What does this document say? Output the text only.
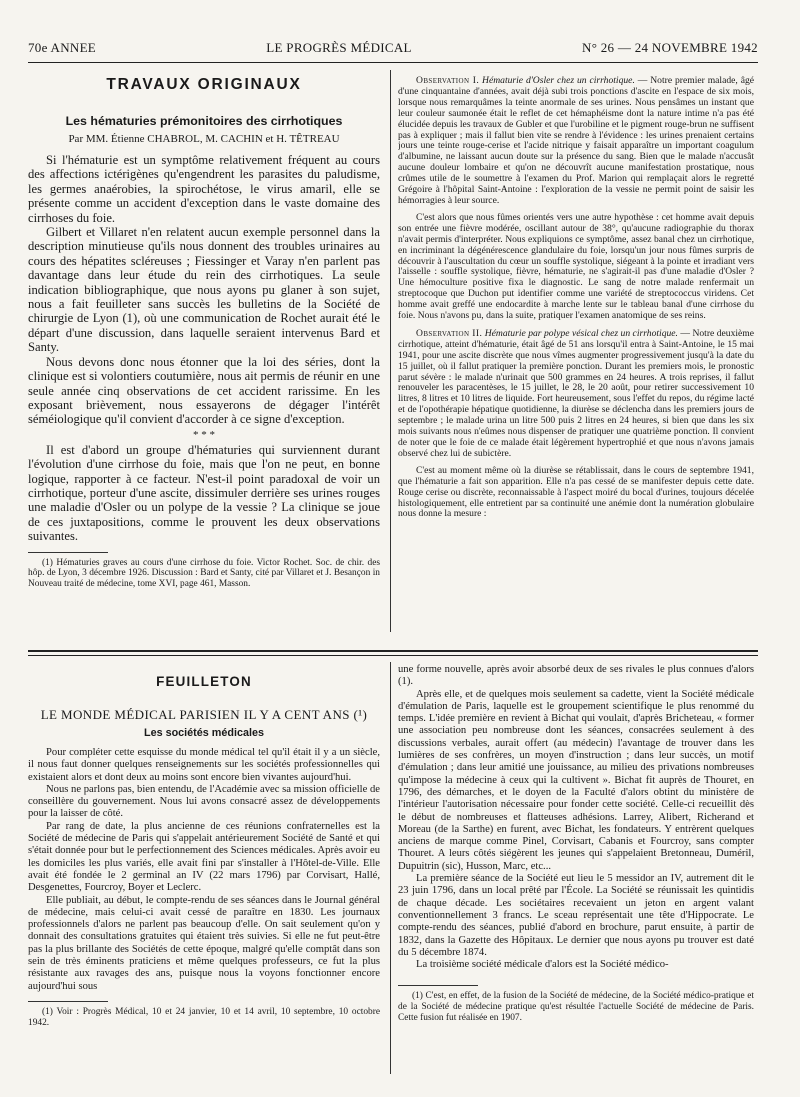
70e ANNEE	LE PROGRÈS MÉDICAL	N° 26 — 24 NOVEMBRE 1942
TRAVAUX ORIGINAUX
Les hématuries prémonitoires des cirrhotiques
Par MM. Étienne CHABROL, M. CACHIN et H. TÊTREAU

Si l'hématurie est un symptôme relativement fréquent au cours des affections ictérigènes qu'engendrent les parasites du paludisme, les germes anaérobies, la spirochétose, le virus amaril, elle se présente comme un accident d'exception dans le vaste domaine des cirrhoses du foie.

Gilbert et Villaret n'en relatent aucun exemple personnel dans la description minutieuse qu'ils nous donnent des troubles urinaires au cours des hépatites scléreuses ; Fiessinger et Varay n'en parlent pas davantage dans leur étude du rein des cirrhotiques. La seule indication bibliographique, que nous ayons pu glaner à son sujet, nous a fait feuilleter sans succès les bulletins de la Société de chirurgie de Lyon (1), où une communication de Rochet aurait été le départ d'une discussion, dans laquelle seraient intervenus Bard et Santy.

Nous devons donc nous étonner que la loi des séries, dont la clinique est si volontiers coutumière, nous ait permis de réunir en une seule année cinq observations de cet accident rarissime. En les exposant brièvement, nous essayerons de dégager l'intérêt séméiologique qu'il convient d'accorder à ce signe d'exception.

* * *

Il est d'abord un groupe d'hématuries qui surviennent durant l'évolution d'une cirrhose du foie, mais que l'on ne peut, en bonne logique, rapporter à ce facteur. N'est-il point paradoxal de voir un cirrhotique, porteur d'une ascite, dissimuler derrière ses urines rouges une maladie d'Osler ou un polype de la vessie ? La clinique se joue de ces juxtapositions, comme le prouvent les deux observations suivantes.

(1) Hématuries graves au cours d'une cirrhose du foie. Victor Rochet. Soc. de chir. des hôp. de Lyon, 3 décembre 1926. Discussion : Bard et Santy, cité par Villaret et J. Besançon in Nouveau traité de médecine, tome XVI, page 461, Masson.

Observation I. Hématurie d'Osler chez un cirrhotique. — Notre premier malade, âgé d'une cinquantaine d'années, avait déjà subi trois ponctions d'ascite en l'espace de six mois, lorsque nous remarquâmes la teinte anormale de ses urines. Nous pensâmes un instant que leur couleur saumonée était le reflet de cet hémaphéisme dont la nature intime n'a pas été élucidée depuis les travaux de Gubler et que l'urobiline et le pigment rouge-brun ne suffisent pas à expliquer ; mais il fallut bien vite se rendre à l'évidence : les urines prenaient certains jours une teinte rouge-cerise et l'acide nitrique y faisait apparaître un important coagulum d'albumine, ne laissant aucun doute sur la présence du sang. Bien que le malade n'accusât aucune douleur lombaire et qu'on ne découvrît aucune manifestation prostatique, nous crûmes utile de le soumettre à l'examen du Prof. Marion qui remplaçait alors le regretté Grégoire à l'hôpital Saint-Antoine : l'exploration de la vessie ne permit point de saisir les hémorragies à leur source.

C'est alors que nous fûmes orientés vers une autre hypothèse : cet homme avait depuis son entrée une fièvre modérée, oscillant autour de 38°, qu'aucune radiographie du thorax n'avait permis d'interpréter. Nous expliquions ce symptôme, assez banal chez un cirrhotique, en incriminant la dégénérescence glandulaire du foie, lorsqu'un jour nous fûmes surpris de découvrir à l'auscultation du cœur un souffle systolique, siégeant à la pointe et irradiant vers l'aisselle : souffle systolique, fièvre, hématurie, ne s'agirait-il pas d'une maladie d'Osler ? Une hémoculture positive fixa le diagnostic. Le sang de notre malade renfermait un streptocoque que Duchon put identifier comme une variété de streptococcus viridens. Cet homme avait greffé une endocardite à marche lente sur le tableau banal d'une cirrhose du foie. Nous n'avons pu, dans la suite, pratiquer l'examen anatomique de ses reins.

Observation II. Hématurie par polype vésical chez un cirrhotique. — Notre deuxième cirrhotique, atteint d'hématurie, était âgé de 51 ans lorsqu'il entra à Saint-Antoine, le 15 mai 1941, pour une ascite discrète que nous vîmes augmenter progressivement jusqu'à la date du 15 juillet, où il fallut pratiquer la première ponction. Durant les premiers mois, le pronostic parut sévère : le malade n'urinait que 500 grammes en 24 heures. A trois reprises, il fallut renouveler les paracentèses, le 15 juillet, le 28, le 20 août, pour retirer successivement 10 litres, 8 litres et 10 litres de liquide. Fort heureusement, sous l'effet du repos, du régime lacté et de l'opothérapie hépatique quotidienne, la diurèse se déclencha dans les premiers jours de septembre ; le malade urina un litre 500 puis 2 litres en 24 heures, si bien que dans les six mois suivants nous n'eûmes nous dispenser de pratiquer une quatrième ponction. Il convient de noter que le foie de ce malade était légèrement hypertrophié et que nous n'avons jamais observé chez lui de subictère.

C'est au moment même où la diurèse se rétablissait, dans le cours de septembre 1941, que l'hématurie a fait son apparition. Elle n'a pas cessé de se manifester depuis cette date. Rouge cerise ou discrète, reconnaissable à l'aspect moiré du bocal d'urines, toujours décelée histologiquement, elle entretient par sa continuité une anémie dont la numération globulaire nous donne la mesure :

FEUILLETON
LE MONDE MÉDICAL PARISIEN IL Y A CENT ANS (¹)
Les sociétés médicales

Pour compléter cette esquisse du monde médical tel qu'il était il y a un siècle, il nous faut donner quelques renseignements sur les sociétés professionnelles qui existaient alors et dont deux au moins sont encore bien vivantes aujourd'hui.

Nous ne parlons pas, bien entendu, de l'Académie avec sa mission officielle de conseillère du gouvernement. Nous lui avons consacré assez de développements pour la laisser de côté.

Par rang de date, la plus ancienne de ces réunions confraternelles est la Société de médecine de Paris qui s'appelait antérieurement Société de Santé et qui s'était donnée pour but le perfectionnement des Sciences médicales. Après avoir eu les domiciles les plus variés, elle avait fini par s'installer à l'Hôtel-de-Ville. Elle avait été fondée le 2 germinal an IV (22 mars 1796) par Corvisart, Hallé, Desgenettes, Fourcroy, Boyer et Leclerc.

Elle publiait, au début, le compte-rendu de ses séances dans le Journal général de médecine, mais celui-ci avait cessé de paraître en 1830. Les journaux professionnels d'alors ne parlent pas beaucoup d'elle. On sait seulement qu'on y donnait des consultations gratuites qui étaient très suivies. Si elle ne fut peut-être pas la plus brillante des Sociétés de cette époque, malgré qu'elle comptât dans son sein de très éminents praticiens et même quelques professeurs, ce fut la plus résistante aux ravages des ans, puisque nous la voyons fonctionner encore aujourd'hui sous

(1) Voir : Progrès Médical, 10 et 24 janvier, 10 et 14 avril, 10 septembre, 10 octobre 1942.

une forme nouvelle, après avoir absorbé deux de ses rivales le plus connues d'alors (1).

Après elle, et de quelques mois seulement sa cadette, vient la Société médicale d'émulation de Paris, laquelle est le groupement scientifique le plus renommé du temps. L'idée première en revient à Bichat qui voulait, d'après Bricheteau, « former une association peu nombreuse dont les séances, consacrées seulement à des discussions verbales, aurait offert (au médecin) l'avantage de trouver dans les lumières de ses confrères, un moyen d'instruction ; dans leur succès, un motif d'émulation ; dans leur amitié une jouissance, au milieu des privations nombreuses qu'impose la médecine à ceux qui la cultivent ». Bichat fit auprès de Thouret, en 1796, des démarches, et le doyen de la Faculté d'alors obtint du ministère de l'intérieur l'autorisation nécessaire pour fonder cette société. Celle-ci recueillit dès le début de nombreuses et flatteuses adhésions. Larrey, Alibert, Richerand et Moreau (de la Sarthe) en furent, avec Bichat, les fondateurs. Y entrèrent quelques anciens de marque comme Pinel, Corvisart, Cabanis et Fourcroy, sans compter Thouret. A leurs côtés siégèrent les jeunes qui s'appelaient Bretonneau, Duméril, Dupuitrin (sic), Husson, Marc, etc...

La première séance de la Société eut lieu le 5 messidor an IV, autrement dit le 23 juin 1796, dans un local prêté par l'École. La Société se réunissait les quintidis de chaque décade. Les sociétaires recevaient un jeton en argent valant conventionnellement 3 francs. Le sceau représentait une tête d'Hippocrate. Le compte-rendu des séances, publié d'abord en brochure, parut ensuite, à partir de 1832, dans la Gazette des Hôpitaux. Le dernier que nous ayons pu trouver est daté du 5 décembre 1874.

La troisième société médicale d'alors est la Société médico-

(1) C'est, en effet, de la fusion de la Société de médecine, de la Société médico-pratique et de la Société de médecine pratique qu'est résultée l'actuelle Société de médecine de Paris. Cette fusion fut réalisée en 1907.
